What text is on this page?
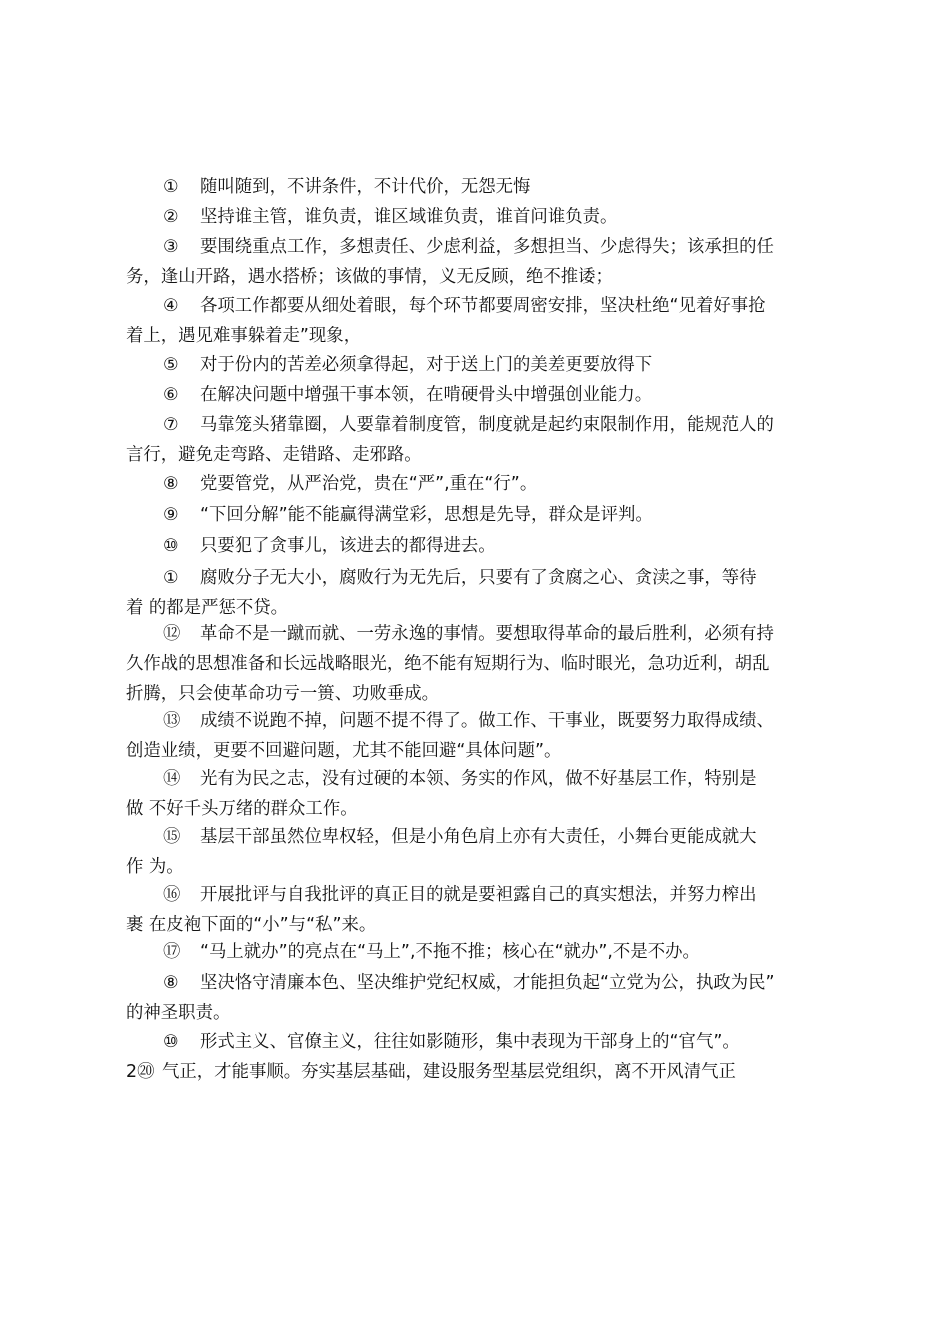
① 随叫随到，不讲条件，不计代价，无怨无悔
② 坚持谁主管，谁负责，谁区域谁负责，谁首问谁负责。
③ 要围绕重点工作，多想责任、少虑利益，多想担当、少虑得失；该承担的任
务，逢山开路，遇水搭桥；该做的事情，义无反顾，绝不推诿；
④ 各项工作都要从细处着眼，每个环节都要周密安排，坚决杜绝“见着好事抢
着上，遇见难事躲着走”现象，
⑤ 对于份内的苦差必须拿得起，对于送上门的美差更要放得下
⑥ 在解决问题中增强干事本领，在啃硬骨头中增强创业能力。
⑦ 马靠笼头猪靠圈，人要靠着制度管，制度就是起约束限制作用，能规范人的
言行，避免走弯路、走错路、走邪路。
⑧ 党要管党，从严治党，贵在“严”,重在“行”。
⑨ “下回分解”能不能赢得满堂彩，思想是先导，群众是评判。
⑩ 只要犯了贪事儿，该进去的都得进去。
① 腐败分子无大小，腐败行为无先后，只要有了贪腐之心、贪渎之事，等待
着 的都是严惩不贷。
⑫ 革命不是一蹴而就、一劳永逸的事情。要想取得革命的最后胜利，必须有持
久作战的思想准备和长远战略眼光，绝不能有短期行为、临时眼光，急功近利，胡乱
折腾，只会使革命功亏一篑、功败垂成。
⑬ 成绩不说跑不掉，问题不提不得了。做工作、干事业，既要努力取得成绩、
创造业绩，更要不回避问题，尤其不能回避“具体问题”。
⑭ 光有为民之志，没有过硬的本领、务实的作风，做不好基层工作，特别是
做 不好千头万绪的群众工作。
⑮ 基层干部虽然位卑权轻，但是小角色肩上亦有大责任，小舞台更能成就大
作 为。
⑯ 开展批评与自我批评的真正目的就是要袒露自己的真实想法，并努力榨出
裹 在皮袍下面的“小”与“私”来。
⑰ “马上就办”的亮点在“马上”,不拖不推；核心在“就办”,不是不办。
⑧ 坚决恪守清廉本色、坚决维护党纪权威，才能担负起“立党为公，执政为民”
的神圣职责。
⑩ 形式主义、官僚主义，往往如影随形，集中表现为干部身上的“官气”。
2⑳ 气正，才能事顺。夯实基层基础，建设服务型基层党组织，离不开风清气正
